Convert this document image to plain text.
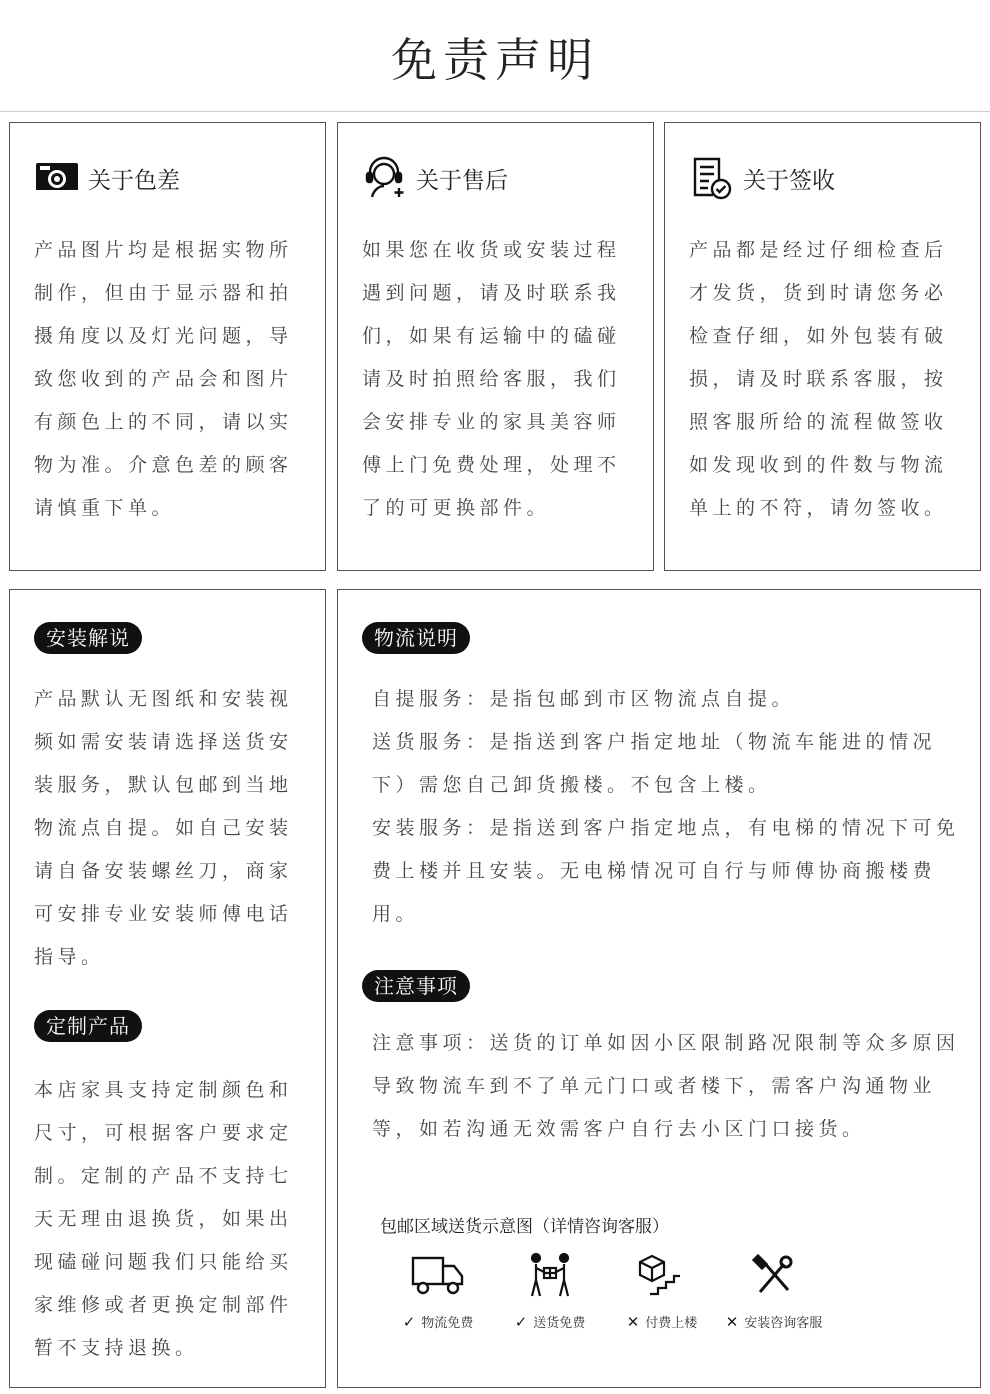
免责声明
关于色差
产品图片均是根据实物所制作，但由于显示器和拍摄角度以及灯光问题，导致您收到的产品会和图片有颜色上的不同，请以实物为准。介意色差的顾客请慎重下单。
关于售后
如果您在收货或安装过程遇到问题，请及时联系我们，如果有运输中的磕碰请及时拍照给客服，我们会安排专业的家具美容师傅上门免费处理，处理不了的可更换部件。
关于签收
产品都是经过仔细检查后才发货，货到时请您务必检查仔细，如外包装有破损，请及时联系客服，按照客服所给的流程做签收如发现收到的件数与物流单上的不符，请勿签收。
安装解说
产品默认无图纸和安装视频如需安装请选择送货安装服务，默认包邮到当地物流点自提。如自己安装请自备安装螺丝刀，商家可安排专业安装师傅电话指导。
定制产品
本店家具支持定制颜色和尺寸，可根据客户要求定制。定制的产品不支持七天无理由退换货，如果出现磕碰问题我们只能给买家维修或者更换定制部件暂不支持退换。
物流说明

自提服务：是指包邮到市区物流点自提。

送货服务：是指送到客户指定地址（物流车能进的情况下）需您自己卸货搬楼。不包含上楼。

安装服务：是指送到客户指定地点，有电梯的情况下可免费上楼并且安装。无电梯情况可自行与师傅协商搬楼费用。

注意事项
注意事项：送货的订单如因小区限制路况限制等众多原因导致物流车到不了单元门口或者楼下，需客户沟通物业等，如若沟通无效需客户自行去小区门口接货。
包邮区域送货示意图（详情咨询客服）
✓ 物流免费	✓ 送货免费	✕ 付费上楼 ✕ 安装咨询客服
